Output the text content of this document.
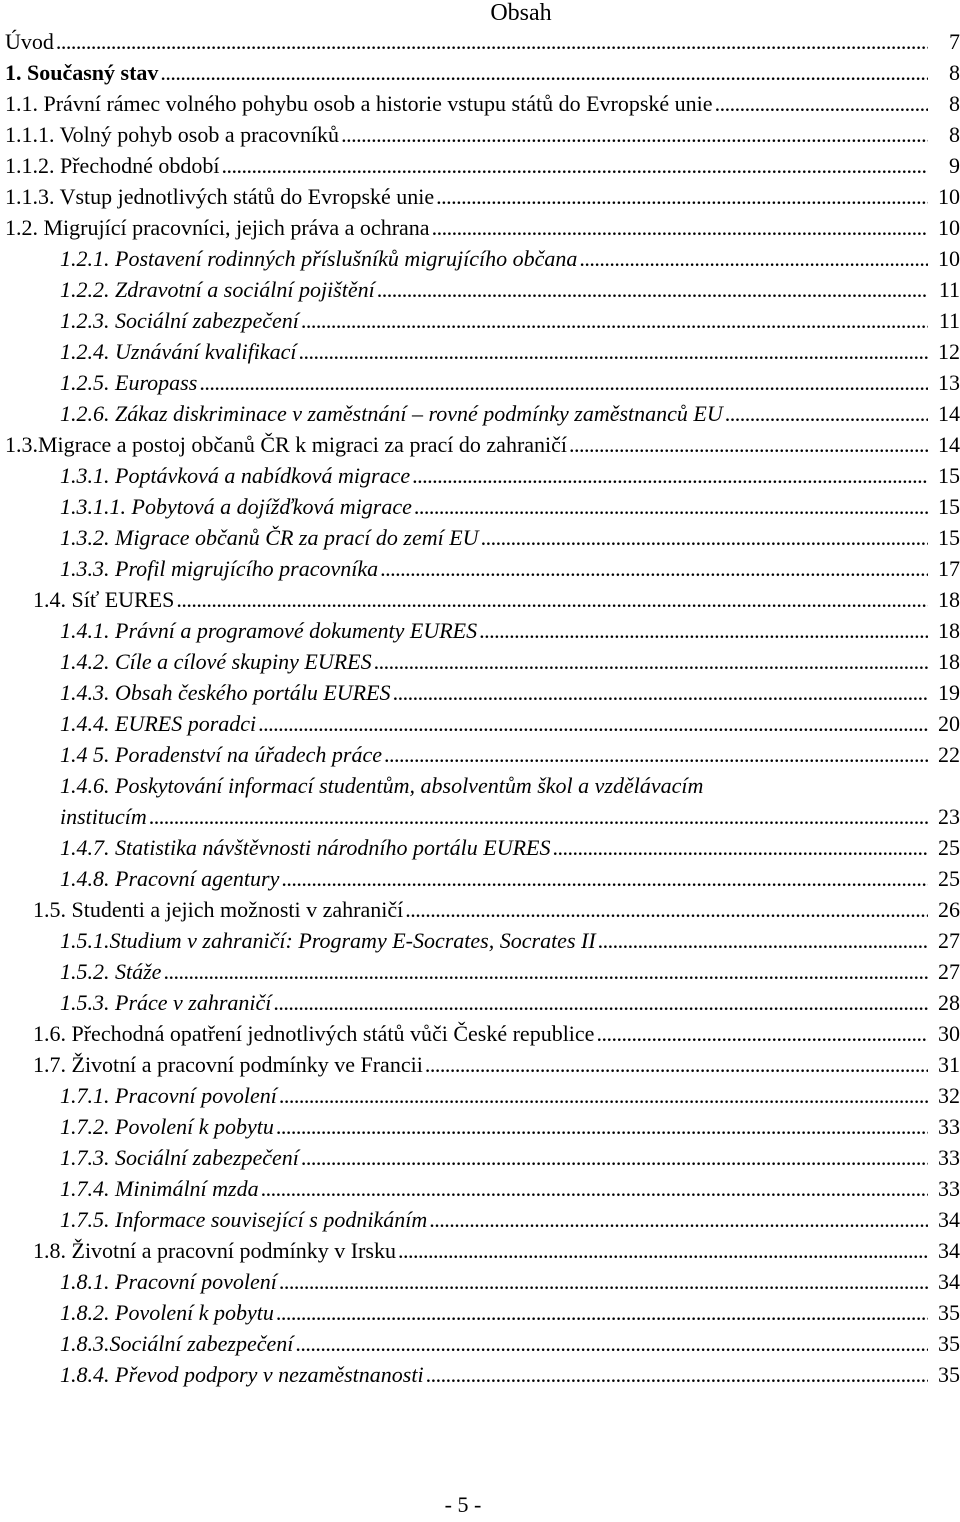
Obsah
Úvod . . .	7
1. Současný stav . . .	8
1.1. Právní rámec volného pohybu osob a historie vstupu států do Evropské unie . . .	8
1.1.1. Volný pohyb osob a pracovníků . . .	8
1.1.2. Přechodné období . . .	9
1.1.3. Vstup jednotlivých států do Evropské unie . . .	10
1.2. Migrující pracovníci, jejich práva a ochrana . . .	10
1.2.1. Postavení rodinných příslušníků migrujícího občana . . .	10
1.2.2. Zdravotní a sociální pojištění . . .	11
1.2.3. Sociální zabezpečení . . .	11
1.2.4. Uznávání kvalifikací . . .	12
1.2.5. Europass . . .	13
1.2.6. Zákaz diskriminace v zaměstnání – rovné podmínky zaměstnanců EU . . .	14
1.3.Migrace a postoj občanů ČR k migraci za prací do zahraničí . . .	14
1.3.1. Poptávková a nabídková migrace . . .	15
1.3.1.1. Pobytová a dojížďková migrace . . .	15
1.3.2. Migrace občanů ČR za prací do zemí EU . . .	15
1.3.3. Profil migrujícího pracovníka . . .	17
1.4. Síť EURES . . .	18
1.4.1. Právní a programové dokumenty EURES . . .	18
1.4.2. Cíle a cílové skupiny EURES . . .	18
1.4.3. Obsah českého portálu EURES . . .	19
1.4.4. EURES poradci . . .	20
1.4 5. Poradenství na úřadech práce . . .	22
1.4.6. Poskytování informací studentům, absolventům škol a vzdělávacím
institucím . . .	23
1.4.7. Statistika návštěvnosti národního portálu EURES . . .	25
1.4.8. Pracovní agentury . . .	25
1.5. Studenti a jejich možnosti v zahraničí . . .	26
1.5.1.Studium v zahraničí: Programy E-Socrates, Socrates II . . .	27
1.5.2. Stáže . . .	27
1.5.3. Práce v zahraničí . . .	28
1.6. Přechodná opatření jednotlivých států vůči České republice . . .	30
1.7. Životní a pracovní podmínky ve Francii . . .	31
1.7.1. Pracovní povolení . . .	32
1.7.2. Povolení k pobytu . . .	33
1.7.3. Sociální zabezpečení . . .	33
1.7.4. Minimální mzda . . .	33
1.7.5. Informace související s podnikáním . . .	34
1.8. Životní a pracovní podmínky v Irsku . . .	34
1.8.1. Pracovní povolení . . .	34
1.8.2. Povolení k pobytu . . .	35
1.8.3.Sociální zabezpečení . . .	35
1.8.4. Převod podpory v nezaměstnanosti . . .	35
- 5 -
